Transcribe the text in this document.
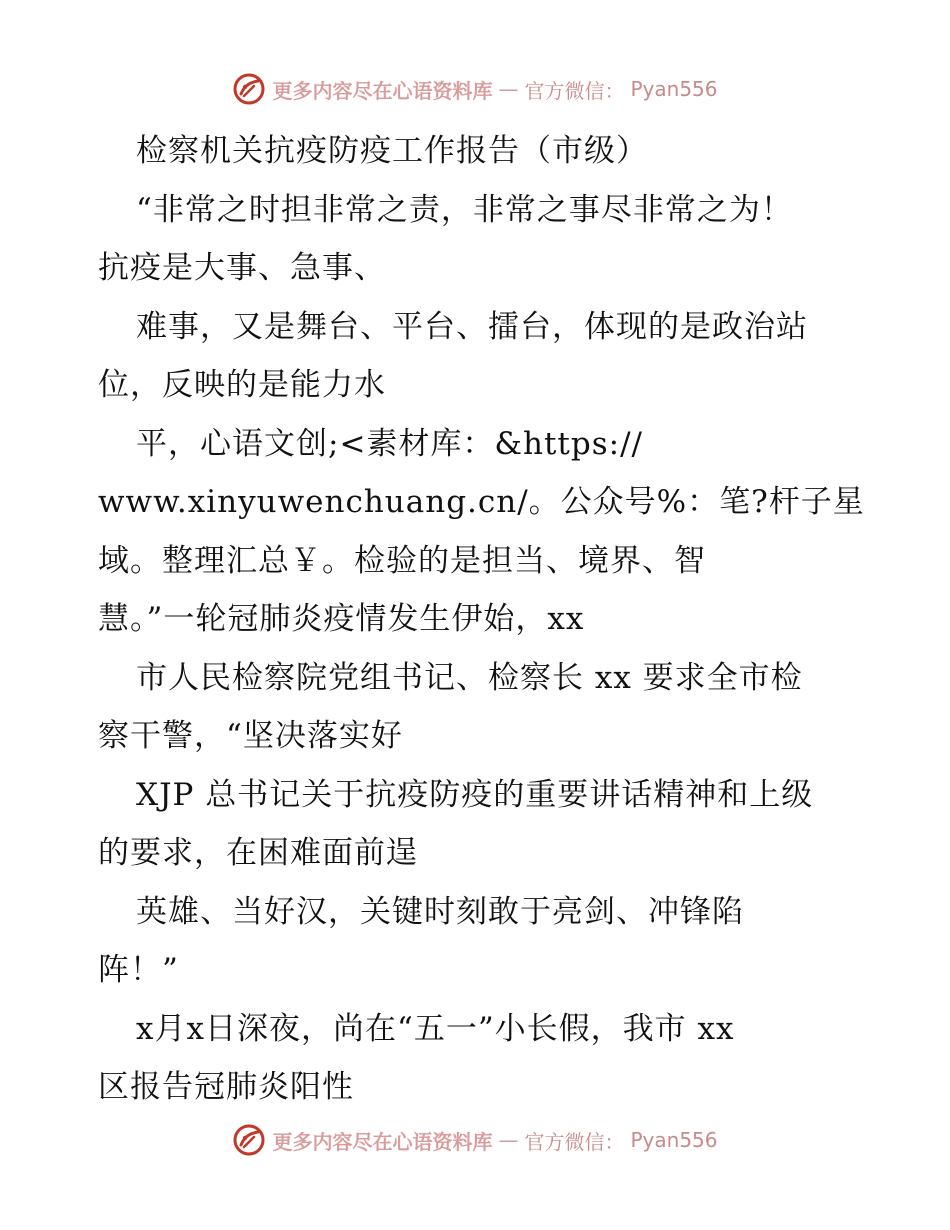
更多内容尽在心语资料库 — 官方微信： Pyan556
检察机关抗疫防疫工作报告（市级）
“非常之时担非常之责，非常之事尽非常之为！
抗疫是大事、急事、
难事，又是舞台、平台、擂台，体现的是政治站
位，反映的是能力水
平，心语文创;<素材库：&https://
www.xinyuwenchuang.cn/。公众号%：笔?杆子星
域。整理汇总￥。检验的是担当、境界、智
慧。”一轮冠肺炎疫情发生伊始，xx
市人民检察院党组书记、检察长 xx 要求全市检
察干警，“坚决落实好
XJP 总书记关于抗疫防疫的重要讲话精神和上级
的要求，在困难面前逞
英雄、当好汉，关键时刻敢于亮剑、冲锋陷
阵！”
x月x日深夜，尚在“五一”小长假，我市 xx
区报告冠肺炎阳性
更多内容尽在心语资料库 — 官方微信： Pyan556
